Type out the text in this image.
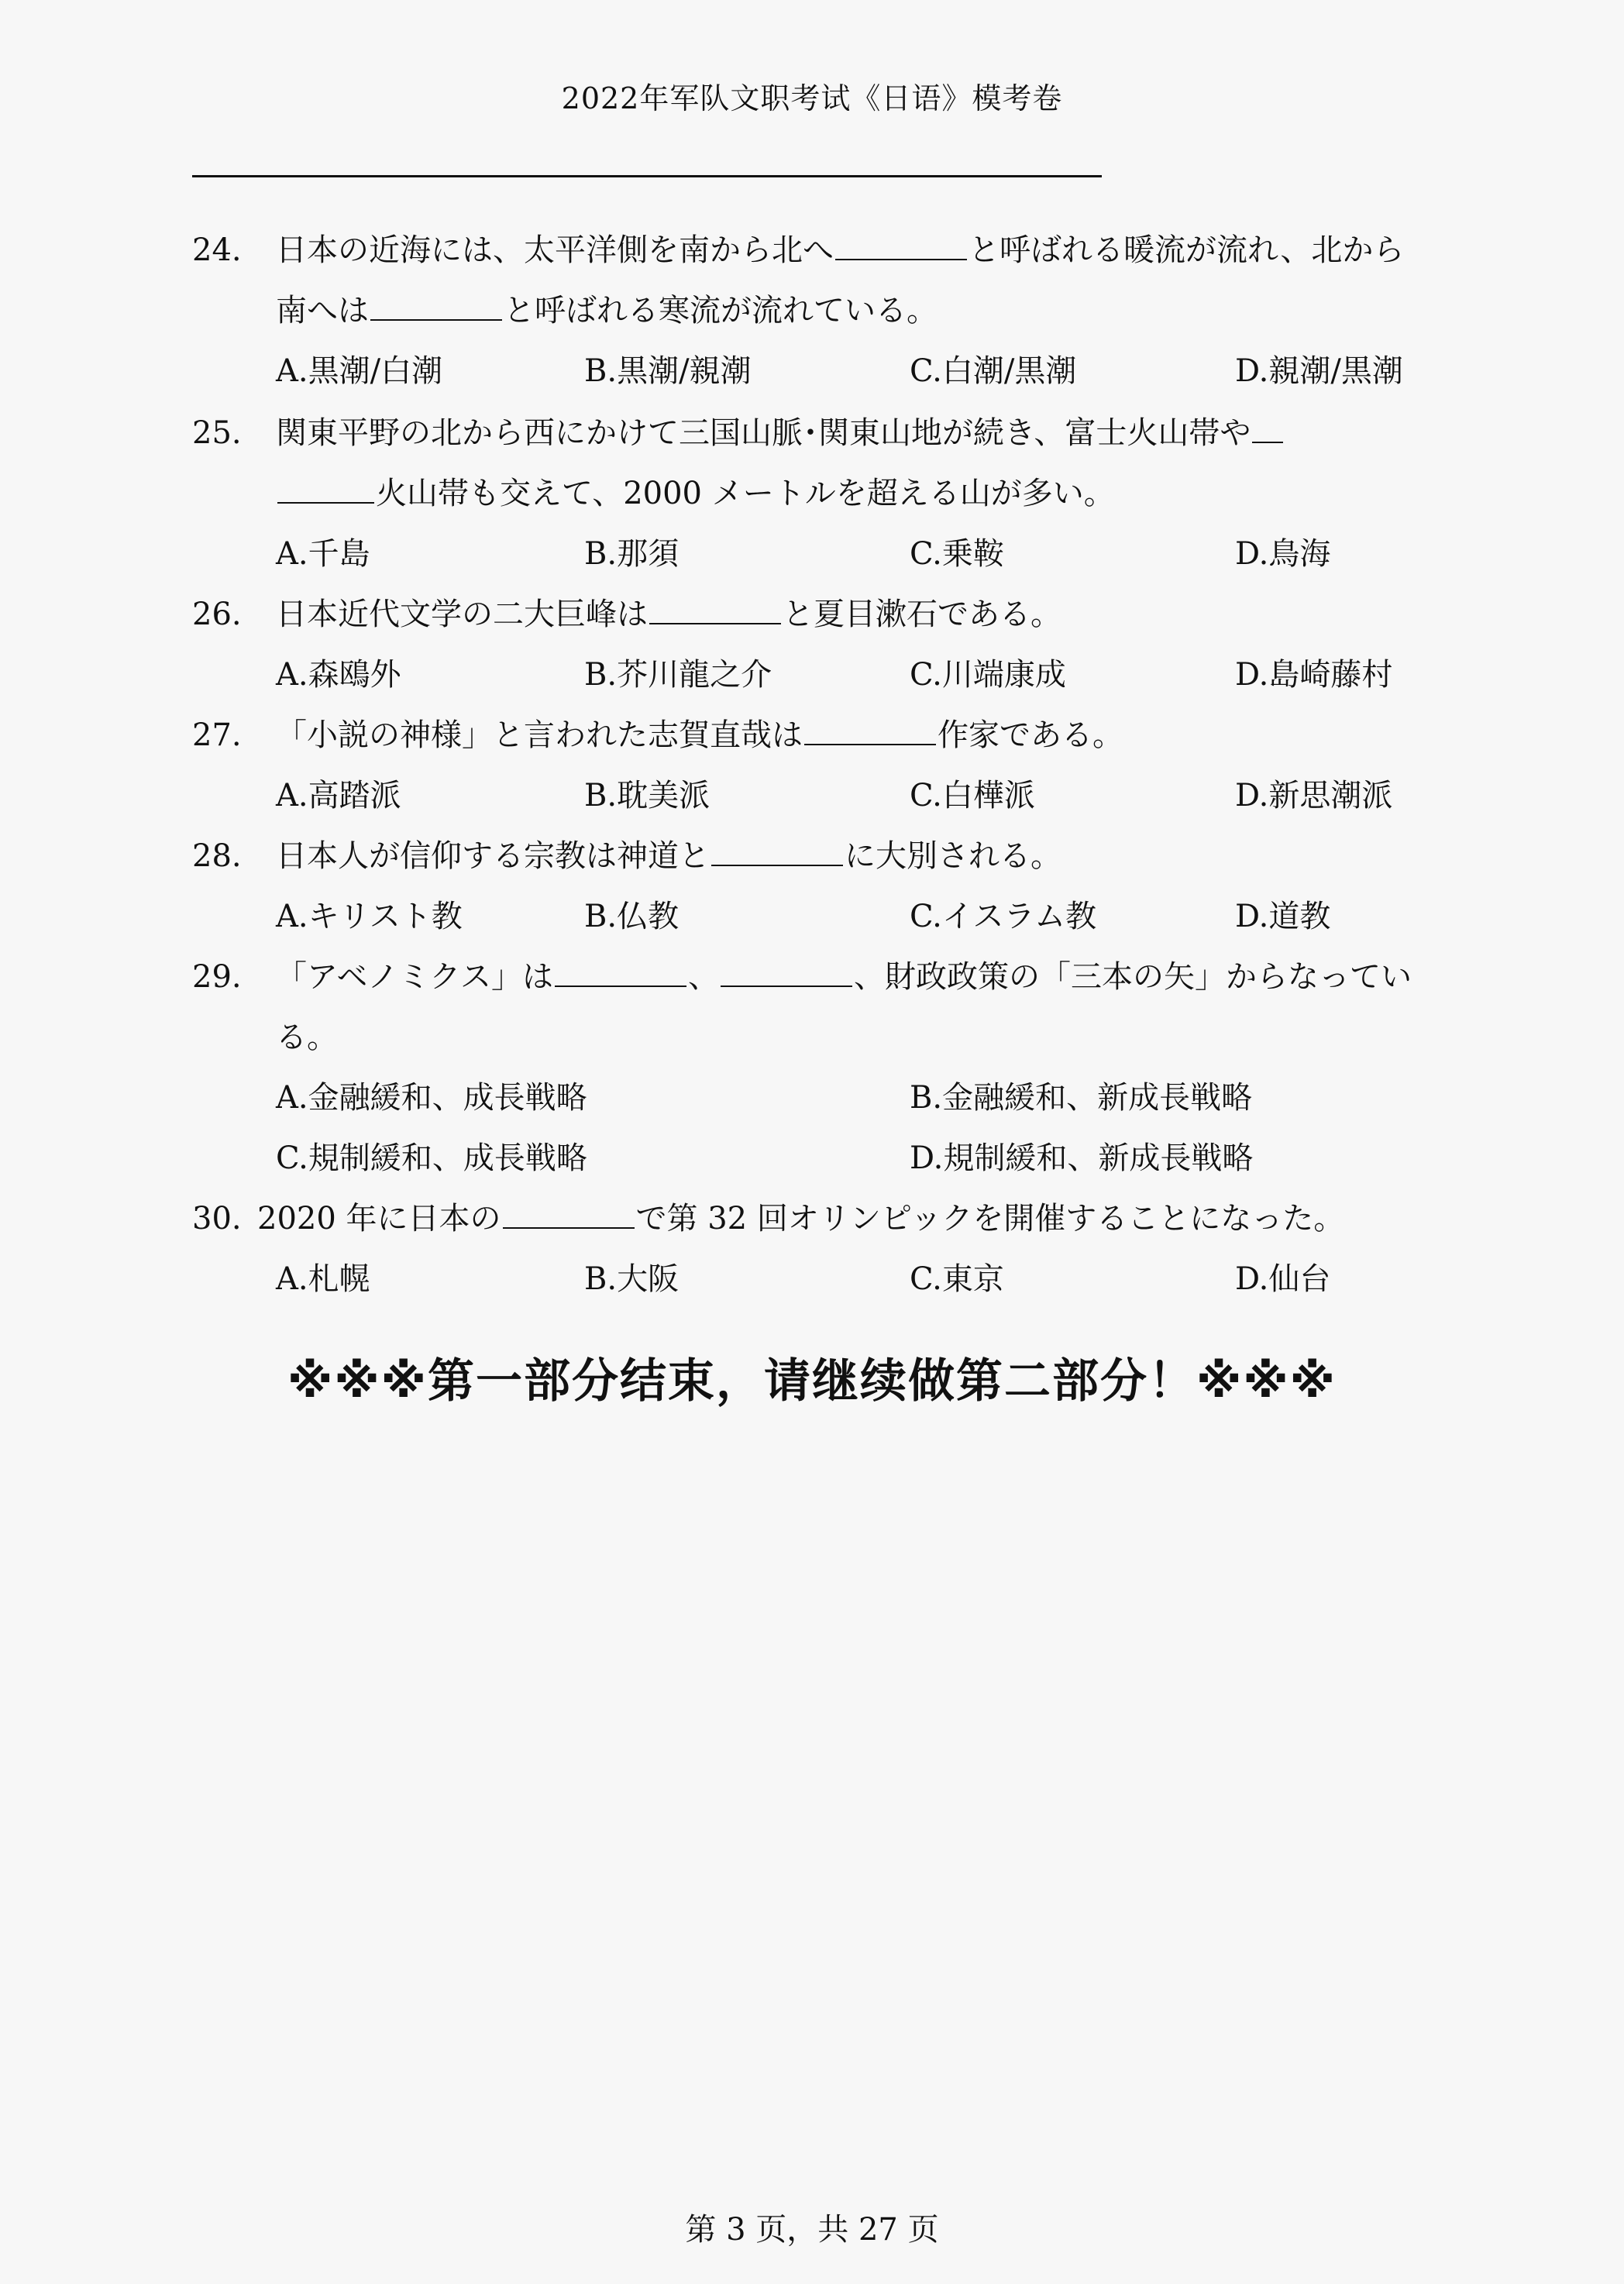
2022年军队文职考试《日语》模考卷
24. 日本の近海には、太平洋側を南から北へ	と呼ばれる暖流が流れ、北から
南へは	と呼ばれる寒流が流れている。
A.黒潮/白潮	B.黒潮/親潮	C.白潮/黒潮	D.親潮/黒潮
25. 関東平野の北から西にかけて三国山脈･関東山地が続き、富士火山帯や
火山帯も交えて、2000 メートルを超える山が多い。
A.千島	B.那須	C.乗鞍	D.鳥海
26. 日本近代文学の二大巨峰は	と夏目漱石である。
A.森鴎外	B.芥川龍之介	C.川端康成	D.島崎藤村
27. 「小説の神様」と言われた志賀直哉は	作家である。
A.高踏派	B.耽美派	C.白樺派	D.新思潮派
28. 日本人が信仰する宗教は神道と	に大別される。
A.キリスト教	B.仏教	C.イスラム教	D.道教
29. 「アベノミクス」は	、	、財政政策の「三本の矢」からなってい
る。
A.金融緩和、成長戦略	B.金融緩和、新成長戦略
C.規制緩和、成長戦略	D.規制緩和、新成長戦略
30. 2020 年に日本の	で第 32 回オリンピックを開催することになった。
A.札幌	B.大阪	C.東京	D.仙台
※※※第一部分结束，请继续做第二部分！※※※
第 3 页，共 27 页
